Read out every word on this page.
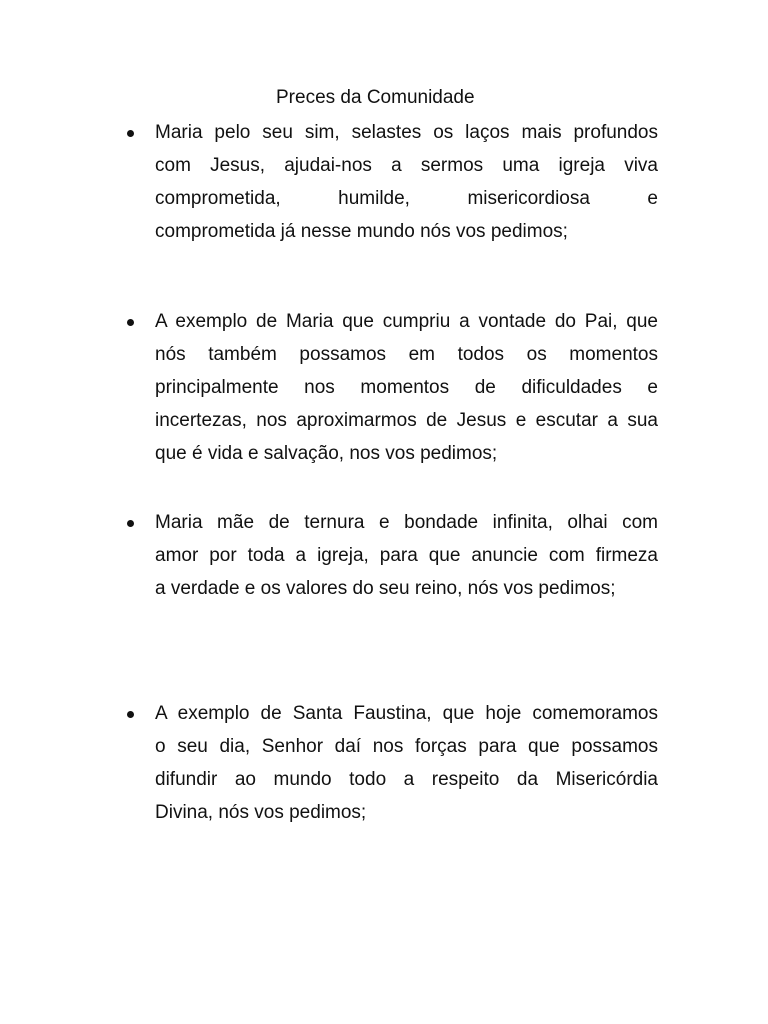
Preces da Comunidade
Maria pelo seu sim, selastes os laços mais profundos
com Jesus, ajudai-nos a sermos uma igreja viva
comprometida, humilde, misericordiosa e
comprometida já nesse mundo nós vos pedimos;
A exemplo de Maria que cumpriu a vontade do Pai, que
nós também possamos em todos os momentos
principalmente nos momentos de dificuldades e
incertezas, nos aproximarmos de Jesus e escutar a sua
que é vida e salvação, nos vos pedimos;
Maria mãe de ternura e bondade infinita, olhai com
amor por toda a igreja, para que anuncie com firmeza
a verdade e os valores do seu reino, nós vos pedimos;
A exemplo de Santa Faustina, que hoje comemoramos
o seu dia, Senhor daí nos forças para que possamos
difundir ao mundo todo a respeito da Misericórdia
Divina, nós vos pedimos;
